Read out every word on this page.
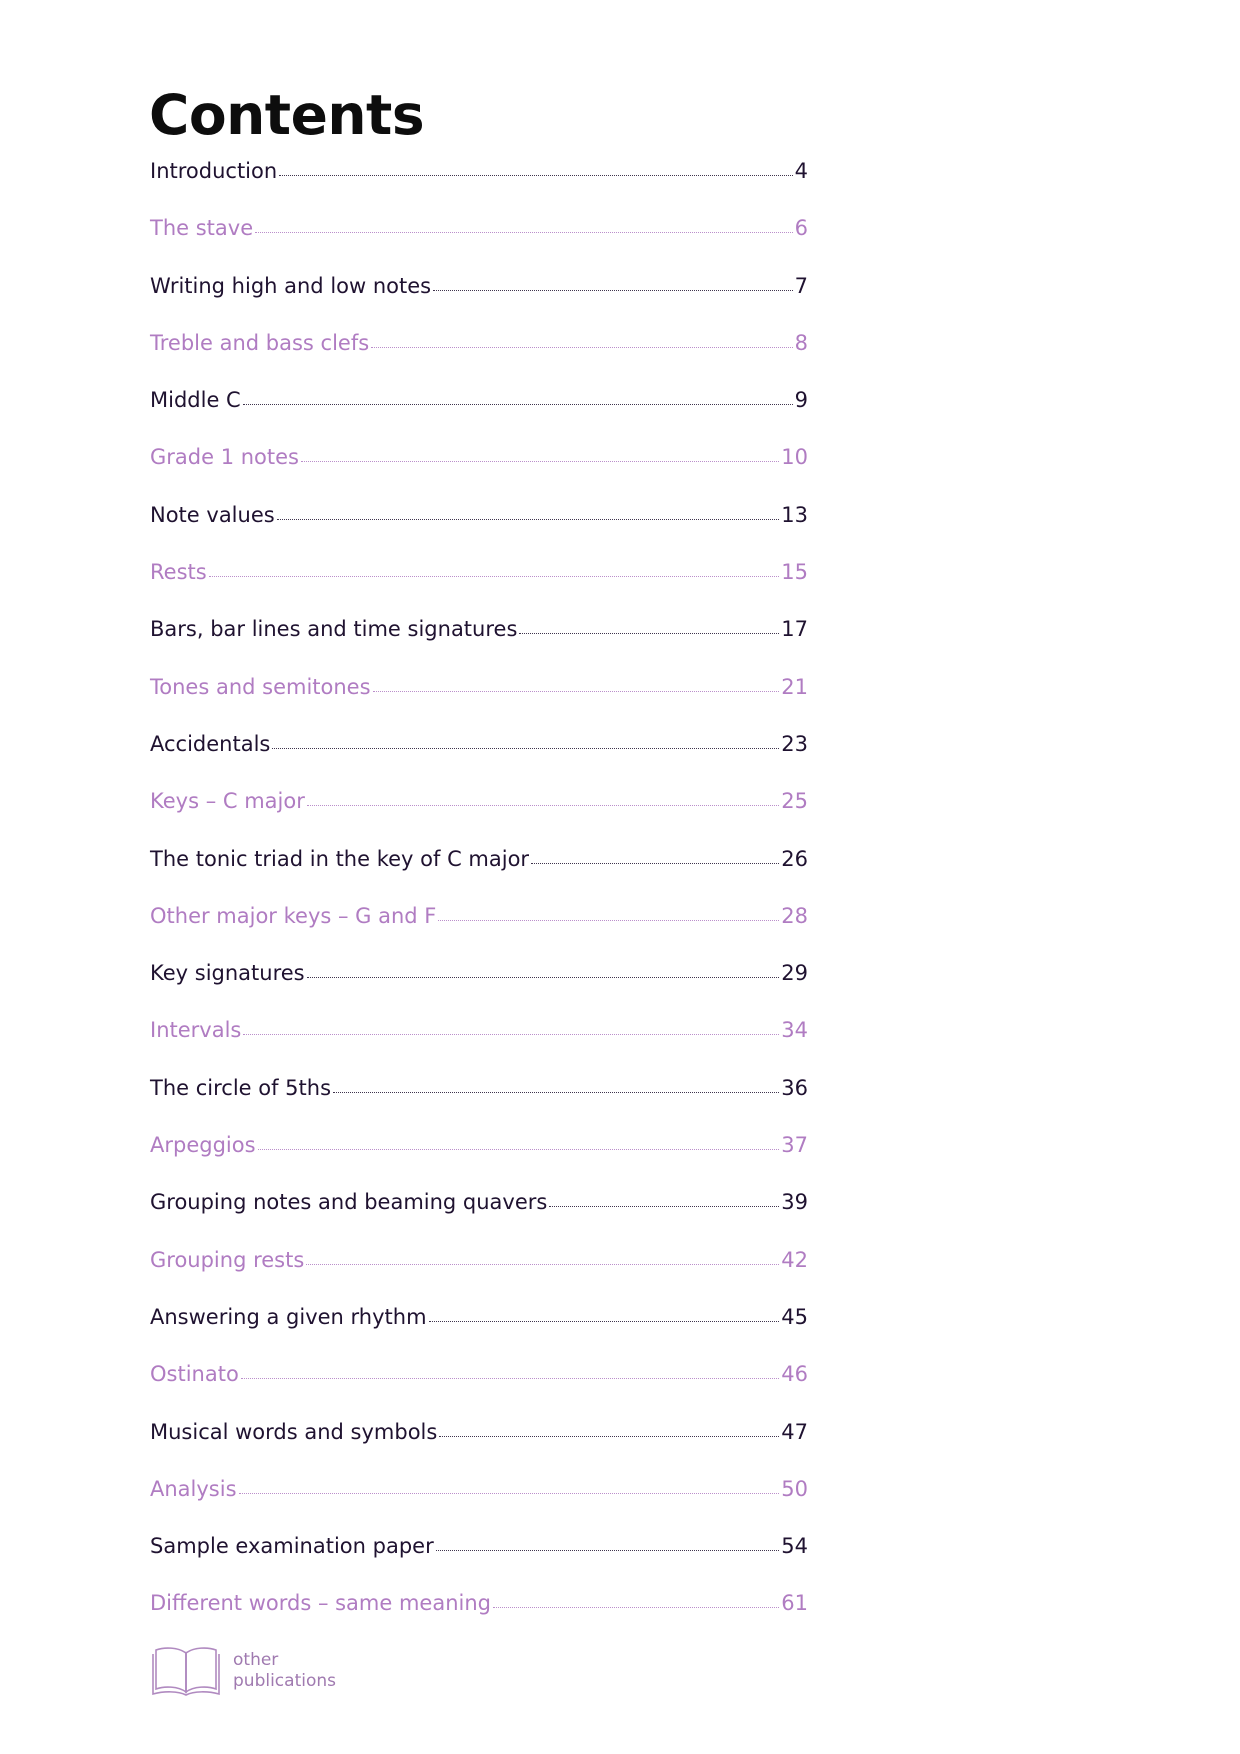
Contents
Introduction	4
The stave	6
Writing high and low notes	7
Treble and bass clefs	8
Middle C	9
Grade 1 notes	10
Note values	13
Rests	15
Bars, bar lines and time signatures	17
Tones and semitones	21
Accidentals	23
Keys – C major	25
The tonic triad in the key of C major	26
Other major keys – G and F	28
Key signatures	29
Intervals	34
The circle of 5ths	36
Arpeggios	37
Grouping notes and beaming quavers	39
Grouping rests	42
Answering a given rhythm	45
Ostinato	46
Musical words and symbols	47
Analysis	50
Sample examination paper	54
Different words – same meaning	61
other
publications
